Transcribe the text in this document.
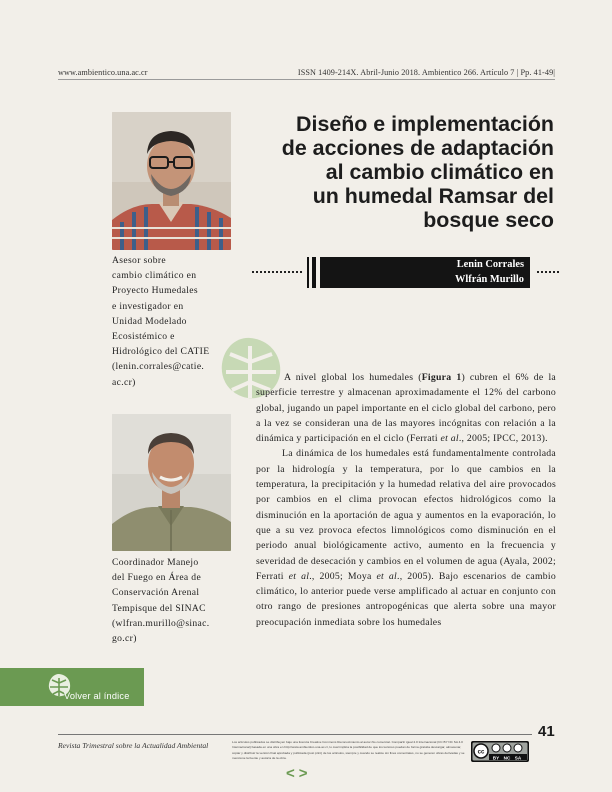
www.ambientico.una.ac.cr	ISSN 1409-214X. Abril-Junio 2018. Ambientico 266. Artículo 7 | Pp. 41-49|
Diseño e implementación
de acciones de adaptación
al cambio climático en
un humedal Ramsar del
bosque seco
Asesor sobre
cambio climático en
Proyecto Humedales
e investigador en
Unidad Modelado
Ecosistémico e
Hidrológico del CATIE
(lenin.corrales@catie.
ac.cr)
Coordinador Manejo
del Fuego en Área de
Conservación Arenal
Tempisque del SINAC
(wlfran.murillo@sinac.
go.cr)
Lenin Corrales
Wlfrán Murillo

A nivel global los humedales (Figura 1) cubren el 6% de la superficie terrestre y almacenan aproximadamente el 12% del carbono global, jugando un papel importante en el ciclo global del carbono, pero a la vez se consideran una de las mayores incógnitas con relación a la dinámica y participación en el ciclo (Ferrati et al., 2005; IPCC, 2013).

La dinámica de los humedales está fundamentalmente controlada por la hidrología y la temperatura, por lo que cambios en la temperatura, la precipitación y la humedad relativa del aire provocados por cambios en el clima provocan efectos hidrológicos como la disminución en la aportación de agua y aumentos en la evaporación, lo que a su vez provoca efectos limnológicos como disminución en el periodo anual biológicamente activo, aumento en la frecuencia y severidad de desecación y cambios en el volumen de agua (Ayala, 2002; Ferrati et al., 2005; Moya et al., 2005). Bajo escenarios de cambio climático, lo anterior puede verse amplificado al actuar en conjunto con otro rango de presiones antropogénicas que alerta sobre una mayor preocupación inmediata sobre los humedales

Volver al índice
41
Revista Trimestral sobre la Actualidad Ambiental	Los artículos publicados se distribuyen bajo una licencia Creative Commons Reconocimiento al autor-No comercial- Compartir igual 4.0 Internacional (CC BY NC SA 4.0 Internacional) basada en una obra en http://www.ambientico.una.ac.cr, lo cual implica la posibilidad de que los lectores puedan de forma gratuita descargar, almacenar, copiar y distribuir la versión final aprobada y publicada (post print) de los artículos, siempre y cuando se realice sin fines comerciales, no se generen obras derivadas y se mencione la fuente y autoría de la obra.
cc
BY NC SA
<>
